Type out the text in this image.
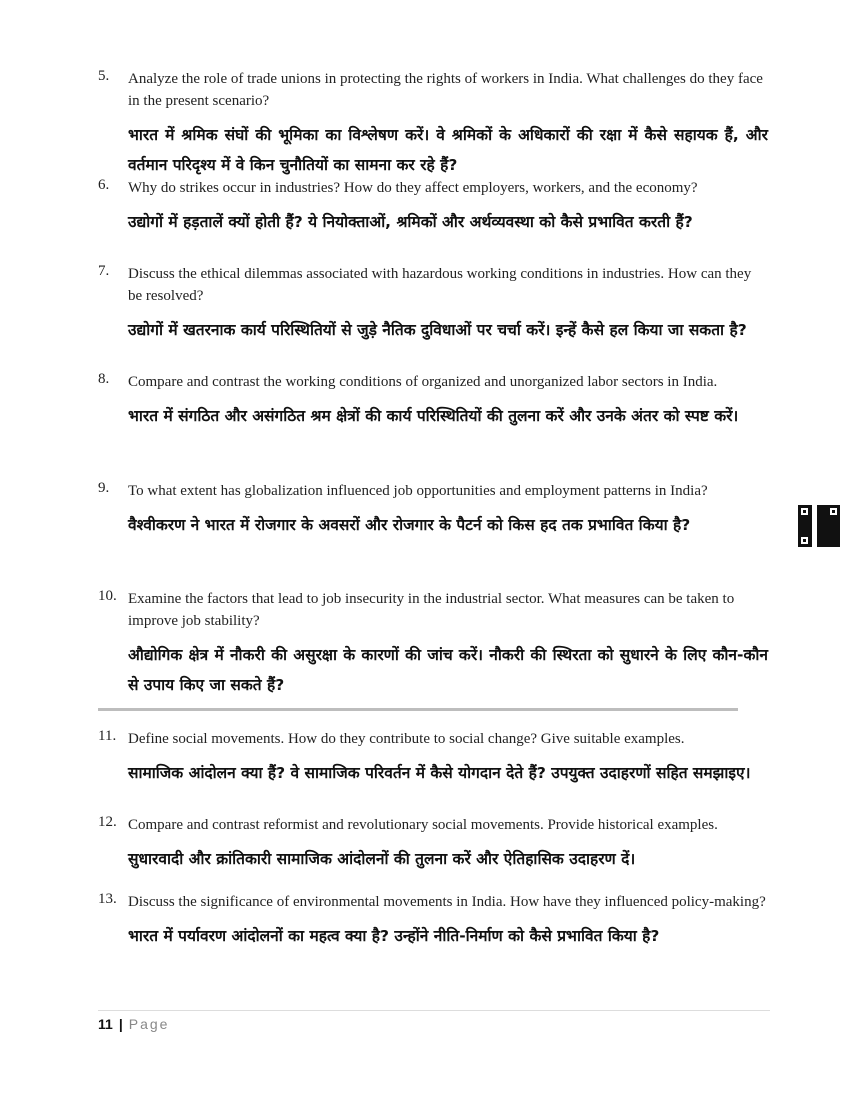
5.	Analyze the role of trade unions in protecting the rights of workers in India. What challenges do they face in the present scenario?
भारत में श्रमिक संघों की भूमिका का विश्लेषण करें। वे श्रमिकों के अधिकारों की रक्षा में कैसे सहायक हैं, और वर्तमान परिदृश्य में वे किन चुनौतियों का सामना कर रहे हैं?
6.	Why do strikes occur in industries? How do they affect employers, workers, and the economy?
उद्योगों में हड़तालें क्यों होती हैं? ये नियोक्ताओं, श्रमिकों और अर्थव्यवस्था को कैसे प्रभावित करती हैं?
7.	Discuss the ethical dilemmas associated with hazardous working conditions in industries. How can they be resolved?
उद्योगों में खतरनाक कार्य परिस्थितियों से जुड़े नैतिक दुविधाओं पर चर्चा करें। इन्हें कैसे हल किया जा सकता है?
8.	Compare and contrast the working conditions of organized and unorganized labor sectors in India.
भारत में संगठित और असंगठित श्रम क्षेत्रों की कार्य परिस्थितियों की तुलना करें और उनके अंतर को स्पष्ट करें।
9.	To what extent has globalization influenced job opportunities and employment patterns in India?
वैश्वीकरण ने भारत में रोजगार के अवसरों और रोजगार के पैटर्न को किस हद तक प्रभावित किया है?
10. Examine the factors that lead to job insecurity in the industrial sector. What measures can be taken to improve job stability?
औद्योगिक क्षेत्र में नौकरी की असुरक्षा के कारणों की जांच करें। नौकरी की स्थिरता को सुधारने के लिए कौन-कौन से उपाय किए जा सकते हैं?
11. Define social movements. How do they contribute to social change? Give suitable examples.
सामाजिक आंदोलन क्या हैं? वे सामाजिक परिवर्तन में कैसे योगदान देते हैं? उपयुक्त उदाहरणों सहित समझाइए।
12. Compare and contrast reformist and revolutionary social movements. Provide historical examples.
सुधारवादी और क्रांतिकारी सामाजिक आंदोलनों की तुलना करें और ऐतिहासिक उदाहरण दें।
13. Discuss the significance of environmental movements in India. How have they influenced policy-making?
भारत में पर्यावरण आंदोलनों का महत्व क्या है? उन्होंने नीति-निर्माण को कैसे प्रभावित किया है?
11 | Page
